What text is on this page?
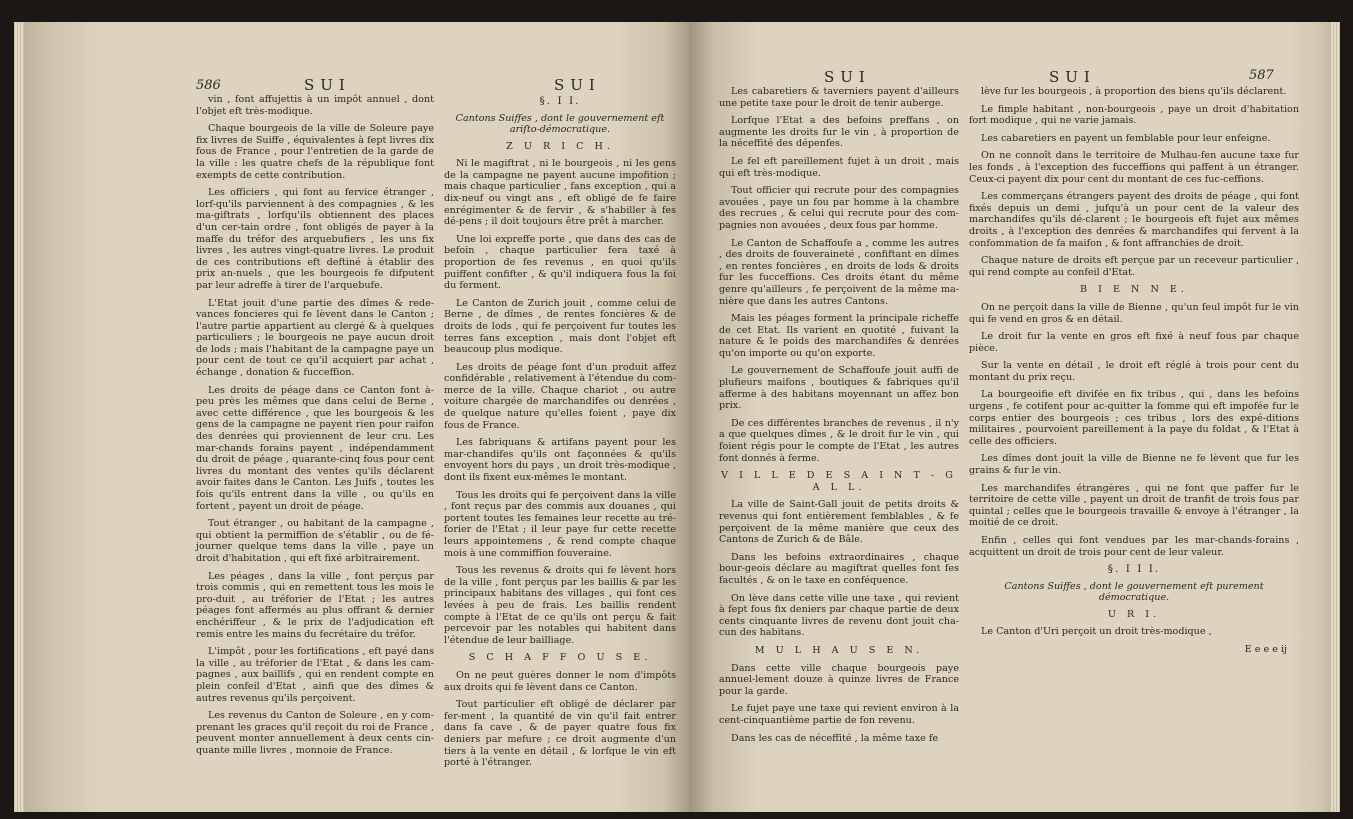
586	SUI	SUI

vin , font affujettis à un impôt annuel , dont l'objet eft très-modique.

Chaque bourgeois de la ville de Soleure paye fix livres de Suiffe , équivalentes à fept livres dix fous de France , pour l'entretien de la garde de la ville : les quatre chefs de la république font exempts de cette contribution.

Les officiers , qui font au fervice étranger , lorf-qu'ils parviennent à des compagnies , & les ma-giftrats , lorfqu'ils obtiennent des places d'un cer-tain ordre , font obligés de payer à la maffe du tréfor des arquebufiers , les uns fix livres , les autres vingt-quatre livres. Le produit de ces contributions eft deftiné à établir des prix an-nuels , que les bourgeois fe difputent par leur adreffe à tirer de l'arquebufe.

L'Etat jouit d'une partie des dîmes & rede-vances foncieres qui fe lèvent dans le Canton ; l'autre partie appartient au clergé & à quelques particuliers ; le bourgeois ne paye aucun droit de lods ; mais l'habitant de la campagne paye un pour cent de tout ce qu'il acquiert par achat , échange , donation & fucceffion.

Les droits de péage dans ce Canton font à-peu près les mêmes que dans celui de Berne , avec cette différence , que les bourgeois & les gens de la campagne ne payent rien pour raifon des denrées qui proviennent de leur cru. Les mar-chands forains payent , indépendamment du droit de péage , quarante-cinq fous pour cent livres du montant des ventes qu'ils déclarent avoir faites dans le Canton. Les Juifs , toutes les fois qu'ils entrent dans la ville , ou qu'ils en fortent , payent un droit de péage.

Tout étranger , ou habitant de la campagne , qui obtient la permiffion de s'établir , ou de fé-journer quelque tems dans la ville , paye un droit d'habitation , qui eft fixé arbitrairement.

Les péages , dans la ville , font perçus par trois commis , qui en remettent tous les mois le pro-duit , au tréforier de l'Etat ; les autres péages font affermés au plus offrant & dernier enchériffeur , & le prix de l'adjudication eft remis entre les mains du fecrétaire du tréfor.

L'impôt , pour les fortifications , eft payé dans la ville , au tréforier de l'Etat , & dans les cam-pagnes , aux baillifs , qui en rendent compte en plein confeil d'Etat , ainfi que des dîmes & autres revenus qu'ils perçoivent.

Les revenus du Canton de Soleure , en y com-prenant les graces qu'il reçoit du roi de France , peuvent monter annuellement à deux cents cin-quante mille livres , monnoie de France.

§. I I.
Cantons Suiffes , dont le gouvernement eft ariſto-démocratique.
Z U R I C H.

Ni le magiftrat , ni le bourgeois , ni les gens de la campagne ne payent aucune impofition ; mais chaque particulier , fans exception , qui a dix-neuf ou vingt ans , eft obligé de fe faire enrégimenter & de fervir , & s'habiller à fes dé-pens ; il doit toujours être prêt à marcher.

Une loi expreffe porte , que dans des cas de befoin , chaque particulier fera taxé à proportion de fes revenus , en quoi qu'ils puiffent confifter , & qu'il indiquera fous la foi du ferment.

Le Canton de Zurich jouit , comme celui de Berne , de dîmes , de rentes foncières & de droits de lods , qui fe perçoivent fur toutes les terres fans exception , mais dont l'objet eft beaucoup plus modique.

Les droits de péage font d'un produit affez confidérable , relativement à l'étendue du com-merce de la ville. Chaque chariot , ou autre voiture chargée de marchandifes ou denrées , de quelque nature qu'elles foient , paye dix fous de France.

Les fabriquans & artifans payent pour les mar-chandifes qu'ils ont façonnées & qu'ils envoyent hors du pays , un droit très-modique , dont ils fixent eux-mêmes le montant.

Tous les droits qui fe perçoivent dans la ville , font reçus par des commis aux douanes , qui portent toutes les femaines leur recette au tré-forier de l'Etat ; il leur paye fur cette recette leurs appointemens , & rend compte chaque mois à une commiffion fouveraine.

Tous les revenus & droits qui fe lèvent hors de la ville , font perçus par les baillis & par les principaux habitans des villages , qui font ces levées à peu de frais. Les baillis rendent compte à l'Etat de ce qu'ils ont perçu & fait percevoir par les notables qui habitent dans l'étendue de leur bailliage.

S C H A F F O U S E.

On ne peut guères donner le nom d'impôts aux droits qui fe lèvent dans ce Canton.

Tout particulier eft obligé de déclarer par fer-ment , la quantité de vin qu'il fait entrer dans fa cave , & de payer quatre fous fix deniers par mefure ; ce droit augmente d'un tiers à la vente en détail , & lorfque le vin eft porté à l'étranger.

SUI	SUI	587

Les cabaretiers & taverniers payent d'ailleurs une petite taxe pour le droit de tenir auberge.

Lorfque l'Etat a des befoins preffans , on augmente les droits fur le vin , à proportion de la néceffité des dépenfes.

Le fel eft pareillement fujet à un droit , mais qui eft très-modique.

Tout officier qui recrute pour des compagnies avouées , paye un fou par homme à la chambre des recrues , & celui qui recrute pour des com-pagnies non avouées , deux fous par homme.

Le Canton de Schaffoufe a , comme les autres , des droits de fouveraineté , confiftant en dîmes , en rentes foncières , en droits de lods & droits fur les fucceffions. Ces droits étant du même genre qu'ailleurs , fe perçoivent de la même ma-nière que dans les autres Cantons.

Mais les péages forment la principale richeffe de cet Etat. Ils varient en quotité , fuivant la nature & le poids des marchandifes & denrées qu'on importe ou qu'on exporte.

Le gouvernement de Schaffoufe jouit auffi de plufieurs maifons , boutiques & fabriques qu'il afferme à des habitans moyennant un affez bon prix.

De ces différentes branches de revenus , il n'y a que quelques dîmes , & le droit fur le vin , qui foient régis pour le compte de l'Etat , les autres font donnés à ferme.

V I L L E D E S A I N T - G A L L.

La ville de Saint-Gall jouit de petits droits & revenus qui font entièrement femblables , & fe perçoivent de la même manière que ceux des Cantons de Zurich & de Bâle.

Dans les befoins extraordinaires , chaque bour-geois déclare au magiftrat quelles font fes facultés , & on le taxe en conféquence.

On lève dans cette ville une taxe , qui revient à fept fous fix deniers par chaque partie de deux cents cinquante livres de revenu dont jouit cha-cun des habitans.

M U L H A U S E N.

Dans cette ville chaque bourgeois paye annuel-lement douze à quinze livres de France pour la garde.

Le fujet paye une taxe qui revient environ à la cent-cinquantième partie de fon revenu.

Dans les cas de néceffité , la même taxe fe

lève fur les bourgeois , à proportion des biens qu'ils déclarent.

Le fimple habitant , non-bourgeois , paye un droit d'habitation fort modique , qui ne varie jamais.

Les cabaretiers en payent un femblable pour leur enfeigne.

On ne connoît dans le territoire de Mulhau-fen aucune taxe fur les fonds , à l'exception des fucceffions qui paffent à un étranger. Ceux-ci payent dix pour cent du montant de ces fuc-ceffions.

Les commerçans étrangers payent des droits de péage , qui font fixés depuis un demi , jufqu'à un pour cent de la valeur des marchandifes qu'ils dé-clarent ; le bourgeois eft fujet aux mêmes droits , à l'exception des denrées & marchandifes qui fervent à la confommation de fa maifon , & font affranchies de droit.

Chaque nature de droits eft perçue par un receveur particulier , qui rend compte au confeil d'Etat.

B I E N N E.

On ne perçoit dans la ville de Bienne , qu'un feul impôt fur le vin qui fe vend en gros & en détail.

Le droit fur la vente en gros eft fixé à neuf fous par chaque pièce.

Sur la vente en détail , le droit eft réglé à trois pour cent du montant du prix reçu.

La bourgeoifie eft divifée en fix tribus , qui , dans les befoins urgens , fe cotifent pour ac-quitter la fomme qui eft impofée fur le corps entier des bourgeois ; ces tribus , lors des expé-ditions militaires , pourvoient pareillement à la paye du foldat , & l'Etat à celle des officiers.

Les dîmes dont jouit la ville de Bienne ne fe lèvent que fur les grains & fur le vin.

Les marchandifes étrangères , qui ne font que paffer fur le territoire de cette ville , payent un droit de tranfit de trois fous par quintal ; celles que le bourgeois travaille & envoye à l'étranger , la moitié de ce droit.

Enfin , celles qui font vendues par les mar-chands-forains , acquittent un droit de trois pour cent de leur valeur.

§. I I I.
Cantons Suiffes , dont le gouvernement eft purement démocratique.
U R I.

Le Canton d'Uri perçoit un droit très-modique ,

E e e e ij
